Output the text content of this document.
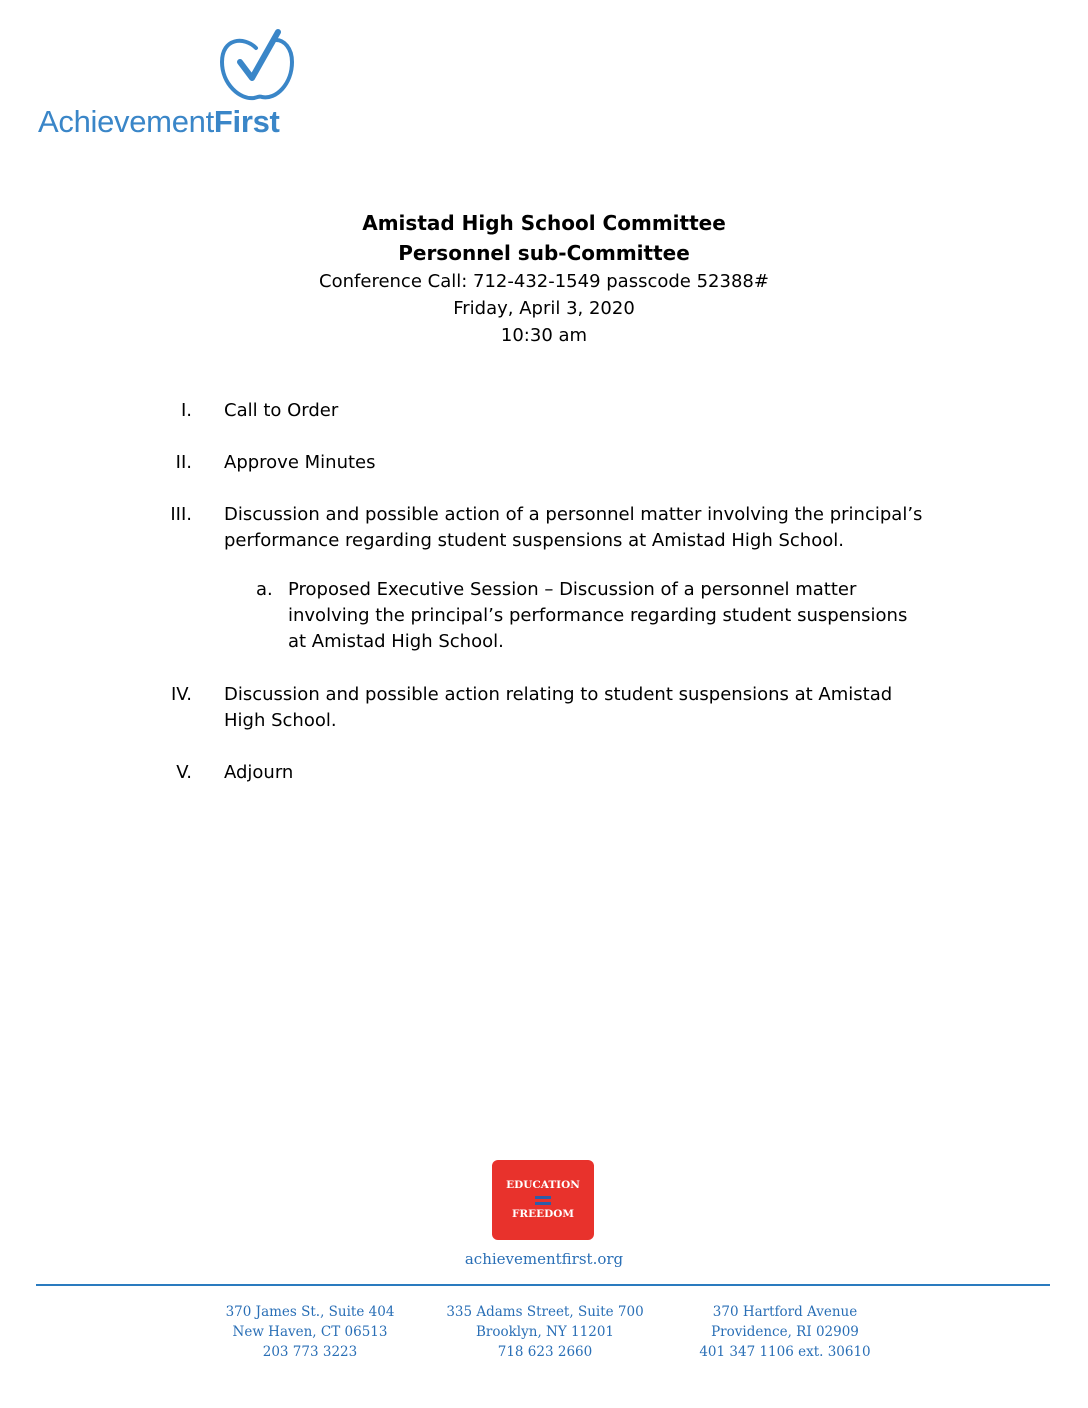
AchievementFirst
Amistad High School Committee
Personnel sub-Committee
Conference Call: 712-432-1549 passcode 52388#
Friday, April 3, 2020
10:30 am
I. Call to Order
II. Approve Minutes
III. Discussion and possible action of a personnel matter involving the principal’s performance regarding student suspensions at Amistad High School.
a. Proposed Executive Session – Discussion of a personnel matter involving the principal’s performance regarding student suspensions at Amistad High School.
IV. Discussion and possible action relating to student suspensions at Amistad High School.
V. Adjourn
EDUCATION
FREEDOM
achievementfirst.org
370 James St., Suite 404
New Haven, CT 06513
203 773 3223
335 Adams Street, Suite 700
Brooklyn, NY 11201
718 623 2660
370 Hartford Avenue
Providence, RI 02909
401 347 1106 ext. 30610
